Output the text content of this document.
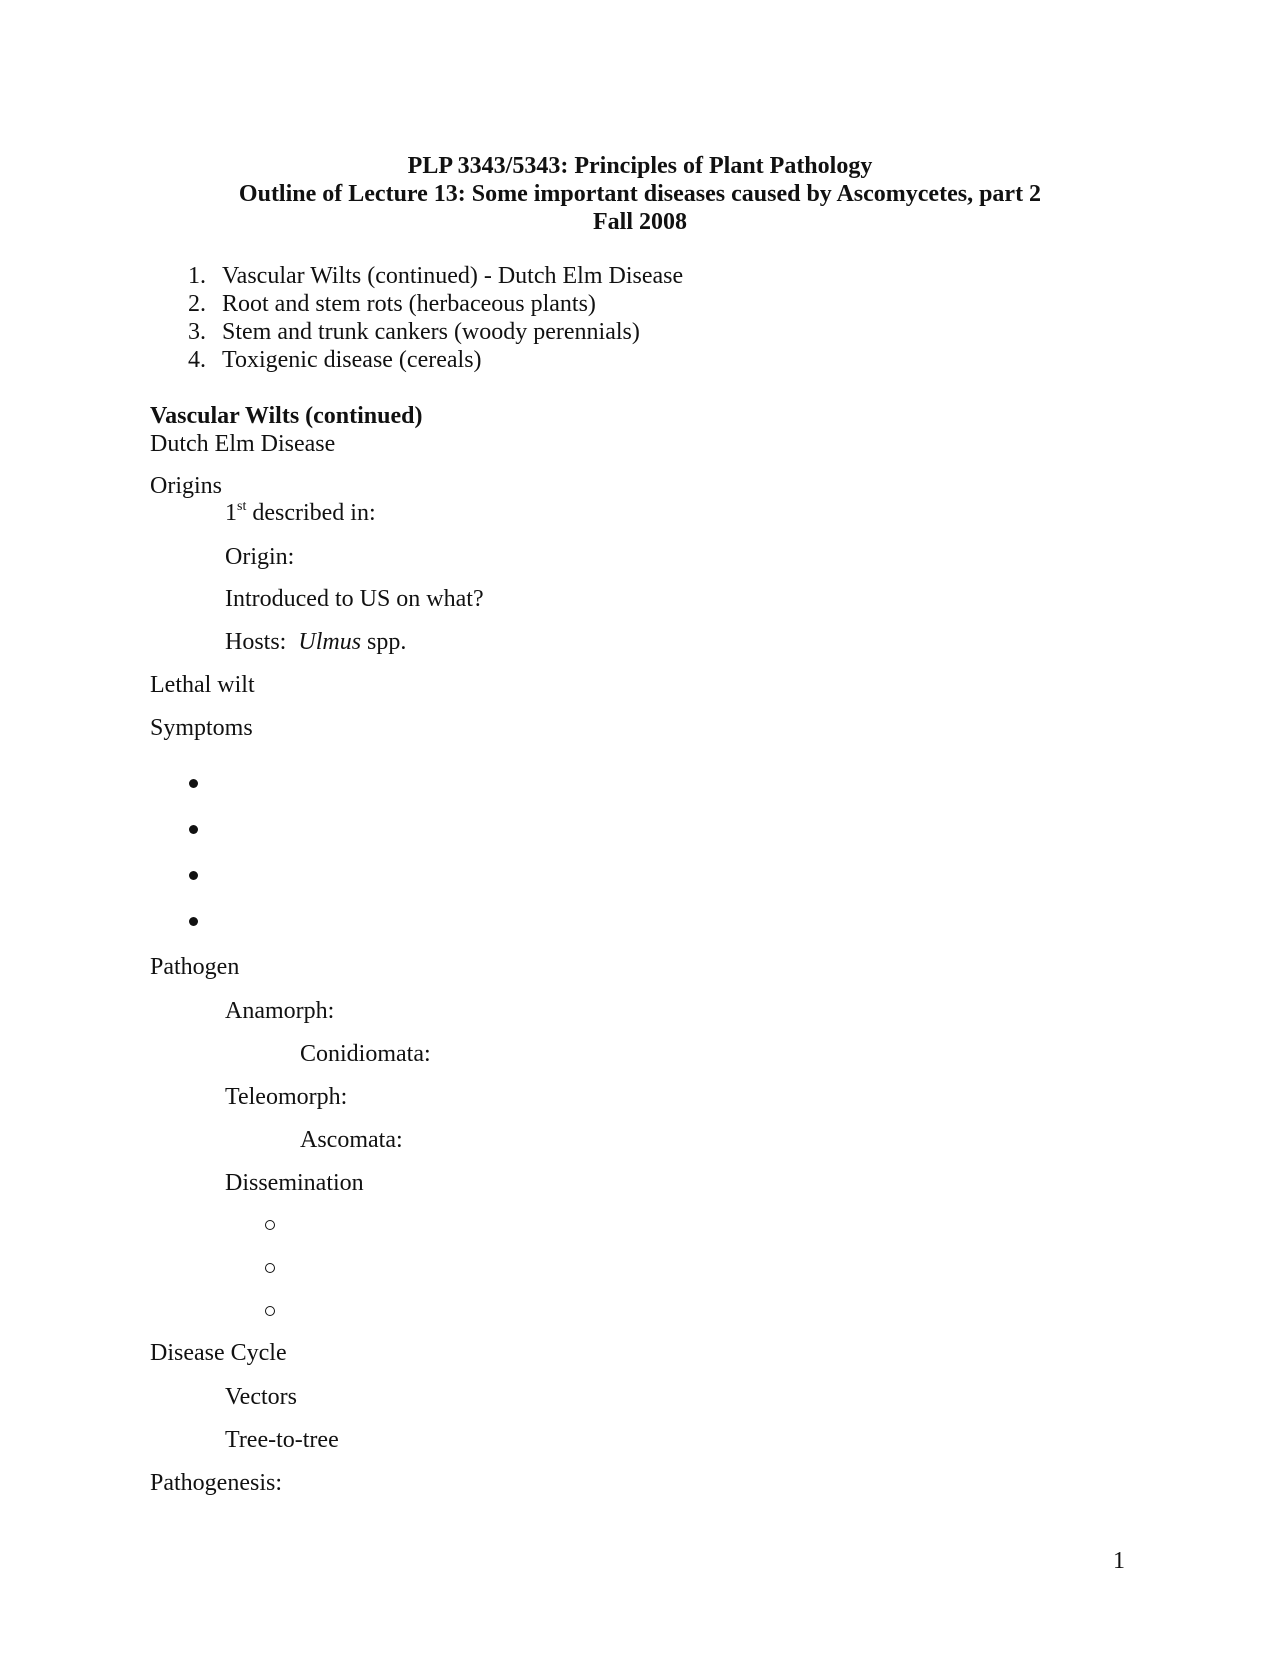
PLP 3343/5343: Principles of Plant Pathology
Outline of Lecture 13: Some important diseases caused by Ascomycetes, part 2
Fall 2008
1. Vascular Wilts (continued) - Dutch Elm Disease
2. Root and stem rots (herbaceous plants)
3. Stem and trunk cankers (woody perennials)
4. Toxigenic disease (cereals)
Vascular Wilts (continued)
Dutch Elm Disease
Origins
1st described in:
Origin:
Introduced to US on what?
Hosts:  Ulmus spp.
Lethal wilt
Symptoms
Pathogen
Anamorph:
Conidiomata:
Teleomorph:
Ascomata:
Dissemination
Disease Cycle
Vectors
Tree-to-tree
Pathogenesis:
1
